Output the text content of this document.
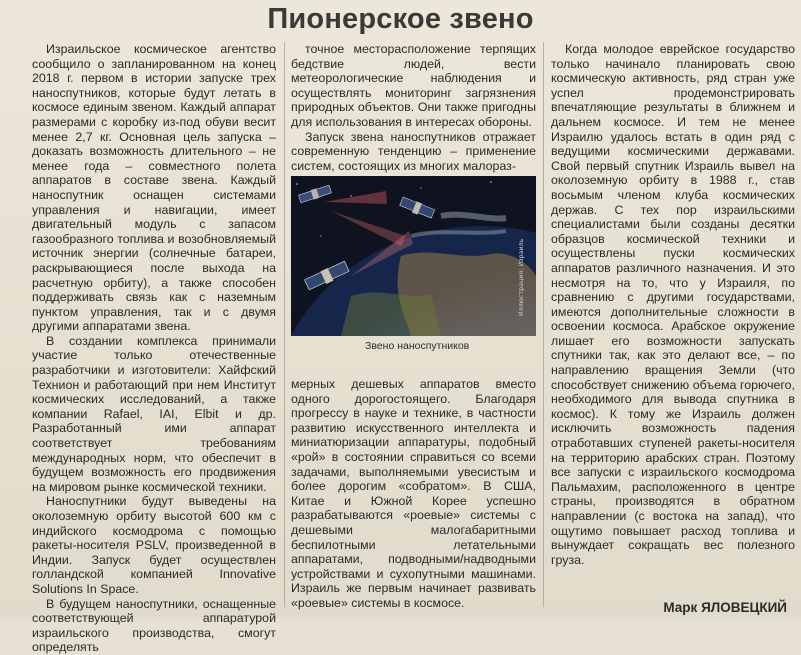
Пионерское звено

Израильское космическое агентство сообщило о запланированном на конец 2018 г. первом в истории запуске трех наноспутников, которые будут летать в космосе единым звеном. Каждый аппарат размерами с коробку из-под обуви весит менее 2,7 кг. Основная цель запуска – доказать возможность длительного – не менее года – совместного полета аппаратов в составе звена. Каждый наноспутник оснащен системами управления и навигации, имеет двигательный модуль с запасом газообразного топлива и возобновляемый источник энергии (солнечные батареи, раскрывающиеся после выхода на расчетную орбиту), а также способен поддерживать связь как с наземным пунктом управления, так и с двумя другими аппаратами звена.

В создании комплекса принимали участие только отечественные разработчики и изготовители: Хайфский Технион и работающий при нем Институт космических исследований, а также компании Rafael, IAI, Elbit и др. Разработанный ими аппарат соответствует требованиям международных норм, что обеспечит в будущем возможность его продвижения на мировом рынке космической техники.

Наноспутники будут выведены на околоземную орбиту высотой 600 км с индийского космодрома с помощью ракеты-носителя PSLV, произведенной в Индии. Запуск будет осуществлен голландской компанией Innovative Solutions In Space.

В будущем наноспутники, оснащенные соответствующей аппаратурой израильского производства, смогут определять

точное месторасположение терпящих бедствие людей, вести метеорологические наблюдения и осуществлять мониторинг загрязнения природных объектов. Они также пригодны для использования в интересах обороны.

Запуск звена наноспутников отражает современную тенденцию – применение систем, состоящих из многих малораз-

Иллюстрация: Израиль
Звено наноспутников

мерных дешевых аппаратов вместо одного дорогостоящего. Благодаря прогрессу в науке и технике, в частности развитию искусственного интеллекта и миниатюризации аппаратуры, подобный «рой» в состоянии справиться со всеми задачами, выполняемыми увесистым и более дорогим «собратом». В США, Китае и Южной Корее успешно разрабатываются «роевые» системы с дешевыми малогабаритными беспилотными летательными аппаратами, подводными/надводными устройствами и сухопутными машинами. Израиль же первым начинает развивать «роевые» системы в космосе.

Когда молодое еврейское государство только начинало планировать свою космическую активность, ряд стран уже успел продемонстрировать впечатляющие результаты в ближнем и дальнем космосе. И тем не менее Израилю удалось встать в один ряд с ведущими космическими державами. Свой первый спутник Израиль вывел на околоземную орбиту в 1988 г., став восьмым членом клуба космических держав. С тех пор израильскими специалистами были созданы десятки образцов космической техники и осуществлены пуски космических аппаратов различного назначения. И это несмотря на то, что у Израиля, по сравнению с другими государствами, имеются дополнительные сложности в освоении космоса. Арабское окружение лишает его возможности запускать спутники так, как это делают все, – по направлению вращения Земли (что способствует снижению объема горючего, необходимого для вывода спутника в космос). К тому же Израиль должен исключить возможность падения отработавших ступеней ракеты-носителя на территорию арабских стран. Поэтому все запуски с израильского космодрома Пальмахим, расположенного в центре страны, производятся в обратном направлении (с востока на запад), что ощутимо повышает расход топлива и вынуждает сокращать вес полезного груза.

Марк ЯЛОВЕЦКИЙ
